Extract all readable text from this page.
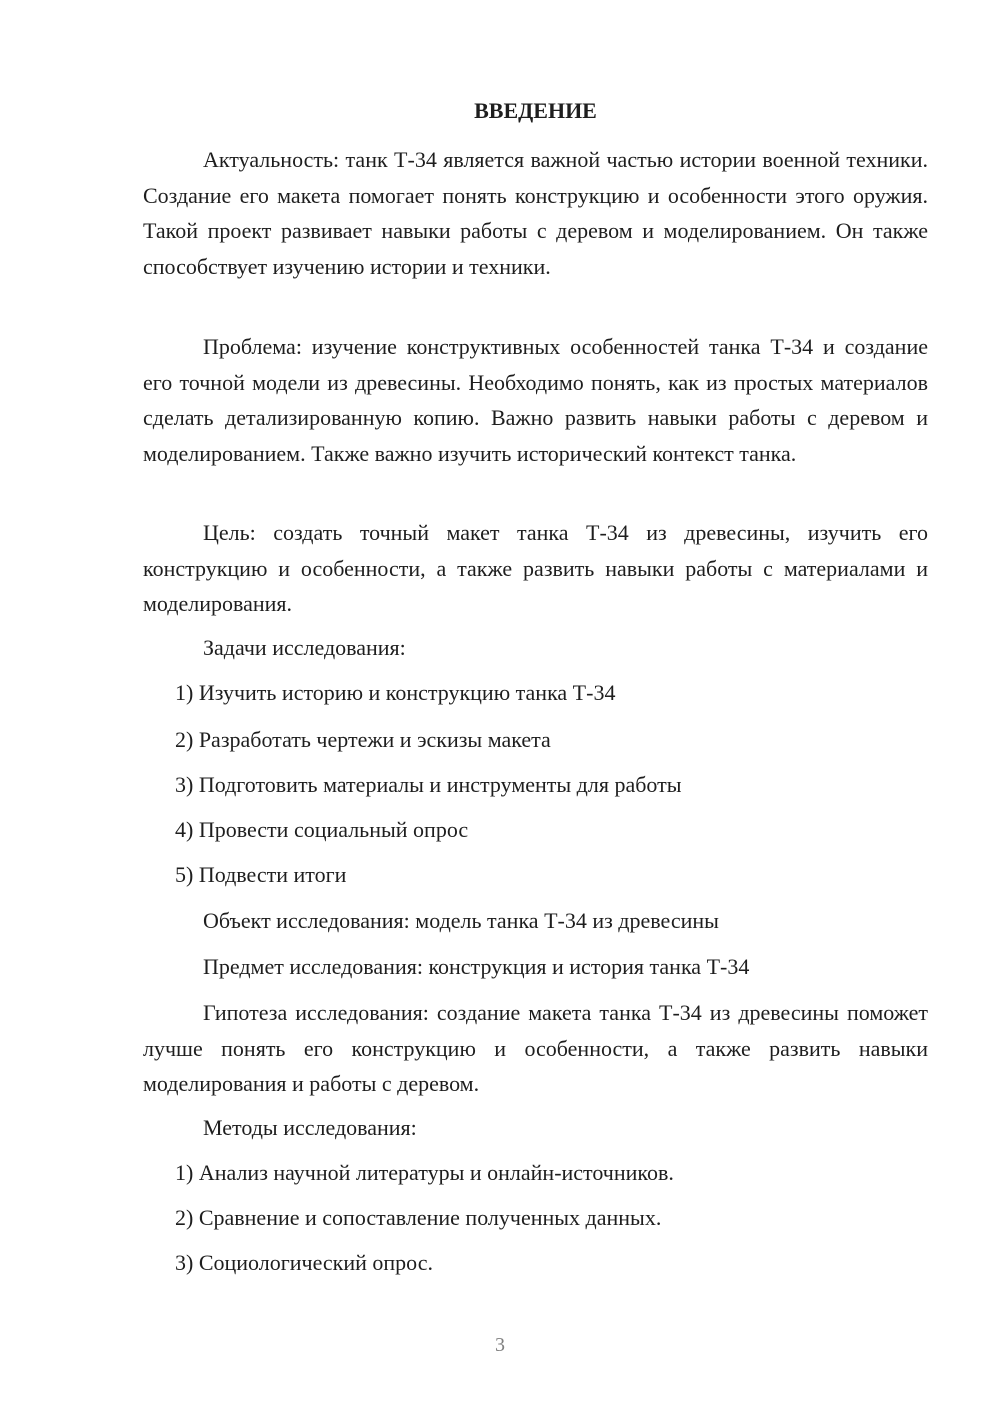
ВВЕДЕНИЕ

Актуальность: танк Т-34 является важной частью истории военной техники. Создание его макета помогает понять конструкцию и особенности этого оружия. Такой проект развивает навыки работы с деревом и моделированием. Он также способствует изучению истории и техники.

Проблема: изучение конструктивных особенностей танка Т-34 и создание его точной модели из древесины. Необходимо понять, как из простых материалов сделать детализированную копию. Важно развить навыки работы с деревом и моделированием. Также важно изучить исторический контекст танка.

Цель: создать точный макет танка Т-34 из древесины, изучить его конструкцию и особенности, а также развить навыки работы с материалами и моделирования.

Задачи исследования:
1) Изучить историю и конструкцию танка Т-34
2) Разработать чертежи и эскизы макета
3) Подготовить материалы и инструменты для работы
4) Провести социальный опрос
5) Подвести итоги
Объект исследования: модель танка Т-34 из древесины
Предмет исследования: конструкция и история танка Т-34

Гипотеза исследования: создание макета танка Т-34 из древесины поможет лучше понять его конструкцию и особенности, а также развить навыки моделирования и работы с деревом.

Методы исследования:
1) Анализ научной литературы и онлайн-источников.
2) Сравнение и сопоставление полученных данных.
3) Социологический опрос.
3
